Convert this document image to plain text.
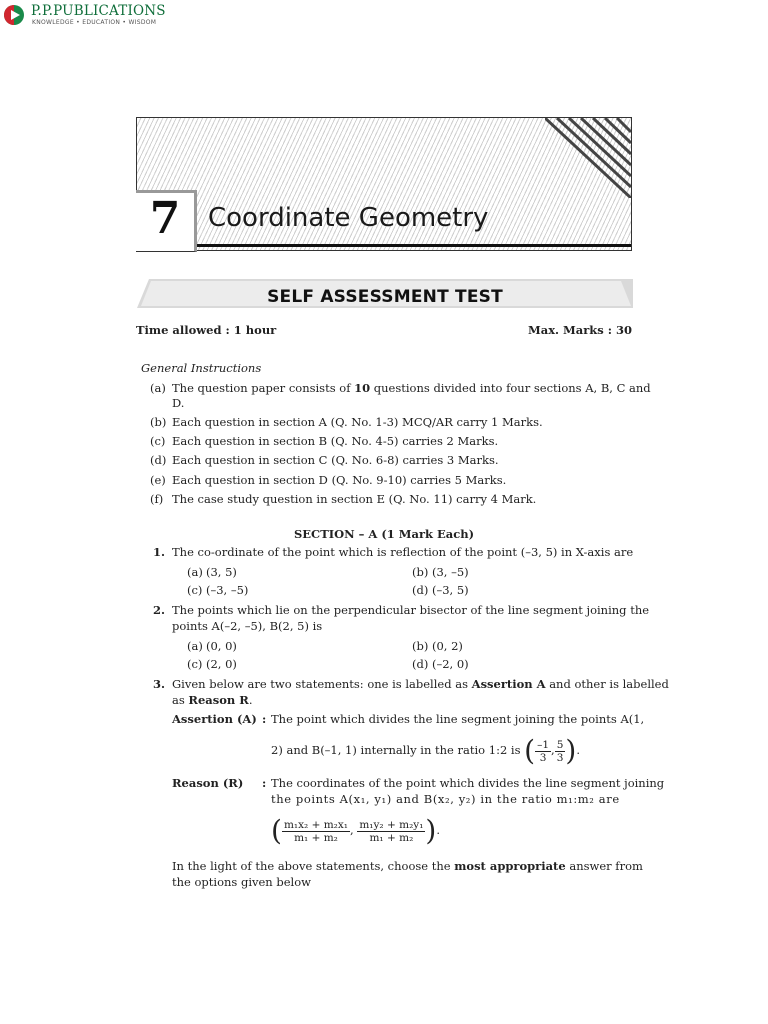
P.P.PUBLICATIONS
KNOWLEDGE • EDUCATION • WISDOM
7	Coordinate Geometry
SELF ASSESSMENT TEST
Time allowed : 1 hour	Max. Marks : 30
General Instructions
(a) The question paper consists of 10 questions divided into four sections A, B, C and
D.
(b) Each question in section A (Q. No. 1-3) MCQ/AR carry 1 Marks.
(c) Each question in section B (Q. No. 4-5) carries 2 Marks.
(d) Each question in section C (Q. No. 6-8) carries 3 Marks.
(e) Each question in section D (Q. No. 9-10) carries 5 Marks.
(f) The case study question in section E (Q. No. 11) carry 4 Mark.
SECTION – A (1 Mark Each)
1. The co-ordinate of the point which is reflection of the point (–3, 5) in X-axis are
(a) (3, 5)	(b) (3, –5)
(c) (–3, –5)	(d) (–3, 5)
2. The points which lie on the perpendicular bisector of the line segment joining the
points A(–2, –5), B(2, 5) is
(a) (0, 0)	(b) (0, 2)
(c) (2, 0)	(d) (–2, 0)
3. Given below are two statements: one is labelled as Assertion A and other is labelled
as Reason R.
Assertion (A) : The point which divides the line segment joining the points A(1,
2) and B(–1, 1) internally in the ratio 1:2 is
( $\frac{-1}{3}$ , $\frac{5}{3}$ ) .
Reason (R) : The coordinates of the point which divides the line segment joining
the points A(x₁, y₁) and B(x₂, y₂) in the ratio m₁:m₂ are
( $\frac{\text{m₁x₂ + m₂x₁}}{\text{m₁ + m₂}}$ , $\frac{\text{m₁y₂ + m₂y₁}}{\text{m₁ + m₂}}$ ) .
In the light of the above statements, choose the most appropriate answer from
the options given below
